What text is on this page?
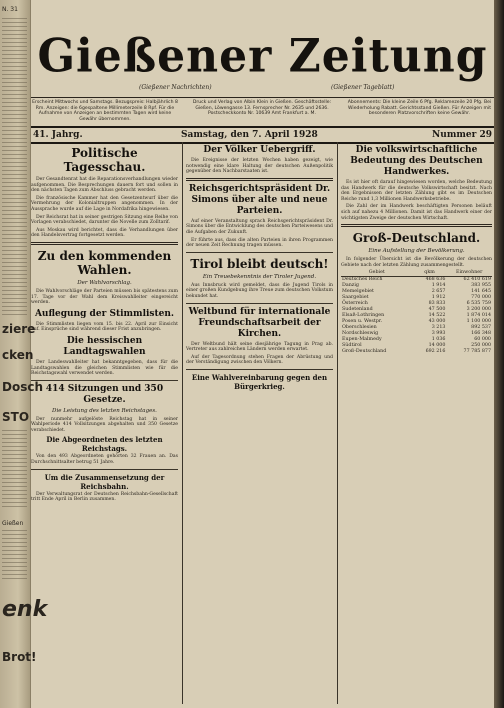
N. 31
ziere
cken
Dosch
STO
Gießen
enk
Brot!
Gießener Zeitung
(Gießener Nachrichten)	(Gießener Tageblatt)
Erscheint Mittwochs und Samstags. Bezugspreis: Halbjährlich 8 Rm. Anzeigen: die 6gespaltene Millimeterzeile 8 Rpf. Für die Aufnahme von Anzeigen an bestimmten Tagen wird keine Gewähr übernommen.
Druck und Verlag von Albin Klein in Gießen. Geschäftsstelle: Gießen, Löwengasse 13. Fernsprecher Nr. 2635 und 2636. Postscheckkonto Nr. 10639 Amt Frankfurt a. M.
Abonnements: Die kleine Zeile 6 Pfg. Reklamezeile 20 Pfg. Bei Wiederholung Rabatt. Gerichtsstand Gießen. Für Anzeigen mit besonderen Platzvorschriften keine Gewähr.
41. Jahrg.	Samstag, den 7. April 1928	Nummer 29
Politische Tagesschau.

Der Gesandtenrat hat die Reparationsverhandlungen wieder aufgenommen. Die Besprechungen dauern fort und sollen in den nächsten Tagen zum Abschluss gebracht werden.

Die französische Kammer hat den Gesetzentwurf über die Vermehrung der Kolonialtruppen angenommen. In der Aussprache wurde auf die Lage in Nordafrika hingewiesen.

Der Reichsrat hat in seiner gestrigen Sitzung eine Reihe von Vorlagen verabschiedet, darunter die Novelle zum Zolltarif.

Aus Moskau wird berichtet, dass die Verhandlungen über den Handelsvertrag fortgesetzt werden.

Zu den kommenden Wahlen.
Der Wahlvorschlag.

Die Wahlvorschläge der Parteien müssen bis spätestens zum 17. Tage vor der Wahl dem Kreiswahlleiter eingereicht werden.

Auflegung der Stimmlisten.

Die Stimmlisten liegen vom 15. bis 22. April zur Einsicht auf. Einsprüche sind während dieser Frist anzubringen.

Die hessischen Landtagswahlen

Der Landeswahlleiter hat bekanntgegeben, dass für die Landtagswahlen die gleichen Stimmlisten wie für die Reichstagswahl verwendet werden.

414 Sitzungen und 350 Gesetze.
Die Leistung des letzten Reichstages.

Der nunmehr aufgelöste Reichstag hat in seiner Wahlperiode 414 Vollsitzungen abgehalten und 350 Gesetze verabschiedet.

Die Abgeordneten des letzten Reichstags.

Von den 493 Abgeordneten gehörten 32 Frauen an. Das Durchschnittsalter betrug 51 Jahre.

Um die Zusammensetzung der Reichsbahn.

Der Verwaltungsrat der Deutschen Reichsbahn-Gesellschaft tritt Ende April in Berlin zusammen.

Der Völker Uebergriff.

Die Ereignisse der letzten Wochen haben gezeigt, wie notwendig eine klare Haltung der deutschen Außenpolitik gegenüber den Nachbarstaaten ist.

Reichsgerichtspräsident Dr. Simons über alte und neue Parteien.

Auf einer Veranstaltung sprach Reichsgerichtspräsident Dr. Simons über die Entwicklung des deutschen Parteiwesens und die Aufgaben der Zukunft.

Er führte aus, dass die alten Parteien in ihren Programmen der neuen Zeit Rechnung tragen müssen.

Tirol bleibt deutsch!
Ein Treuebekenntnis der Tiroler Jugend.

Aus Innsbruck wird gemeldet, dass die Jugend Tirols in einer großen Kundgebung ihre Treue zum deutschen Volkstum bekundet hat.

Weltbund für internationale Freundschaftsarbeit der Kirchen.

Der Weltbund hält seine diesjährige Tagung in Prag ab. Vertreter aus zahlreichen Ländern werden erwartet.

Auf der Tagesordnung stehen Fragen der Abrüstung und der Verständigung zwischen den Völkern.

Eine Wahlvereinbarung gegen den Bürgerkrieg.
Die volkswirtschaftliche Bedeutung des Deutschen Handwerkes.

Es ist hier oft darauf hingewiesen worden, welche Bedeutung das Handwerk für die deutsche Volkswirtschaft besitzt. Nach den Ergebnissen der letzten Zählung gibt es im Deutschen Reiche rund 1,3 Millionen Handwerksbetriebe.

Die Zahl der im Handwerk beschäftigten Personen beläuft sich auf nahezu 4 Millionen. Damit ist das Handwerk einer der wichtigsten Zweige der deutschen Wirtschaft.

Groß-Deutschland.
Eine Aufstellung der Bevölkerung.

In folgender Übersicht ist die Bevölkerung der deutschen Gebiete nach der letzten Zählung zusammengestellt.

Gebiet	qkm	Einwohner
Deutsches Reich	468 636	62 410 619
Danzig	1 914	383 955
Memelgebiet	2 657	141 645
Saargebiet	1 912	770 000
Österreich	83 833	6 535 759
Sudetenland	47 500	3 200 000
Elsaß-Lothringen	14 522	1 874 014
Posen u. Westpr.	43 000	1 100 000
Oberschlesien	3 213	892 537
Nordschleswig	3 993	166 348
Eupen-Malmedy	1 036	60 000
Südtirol	14 000	250 000
Groß-Deutschland	692 216	77 785 877
